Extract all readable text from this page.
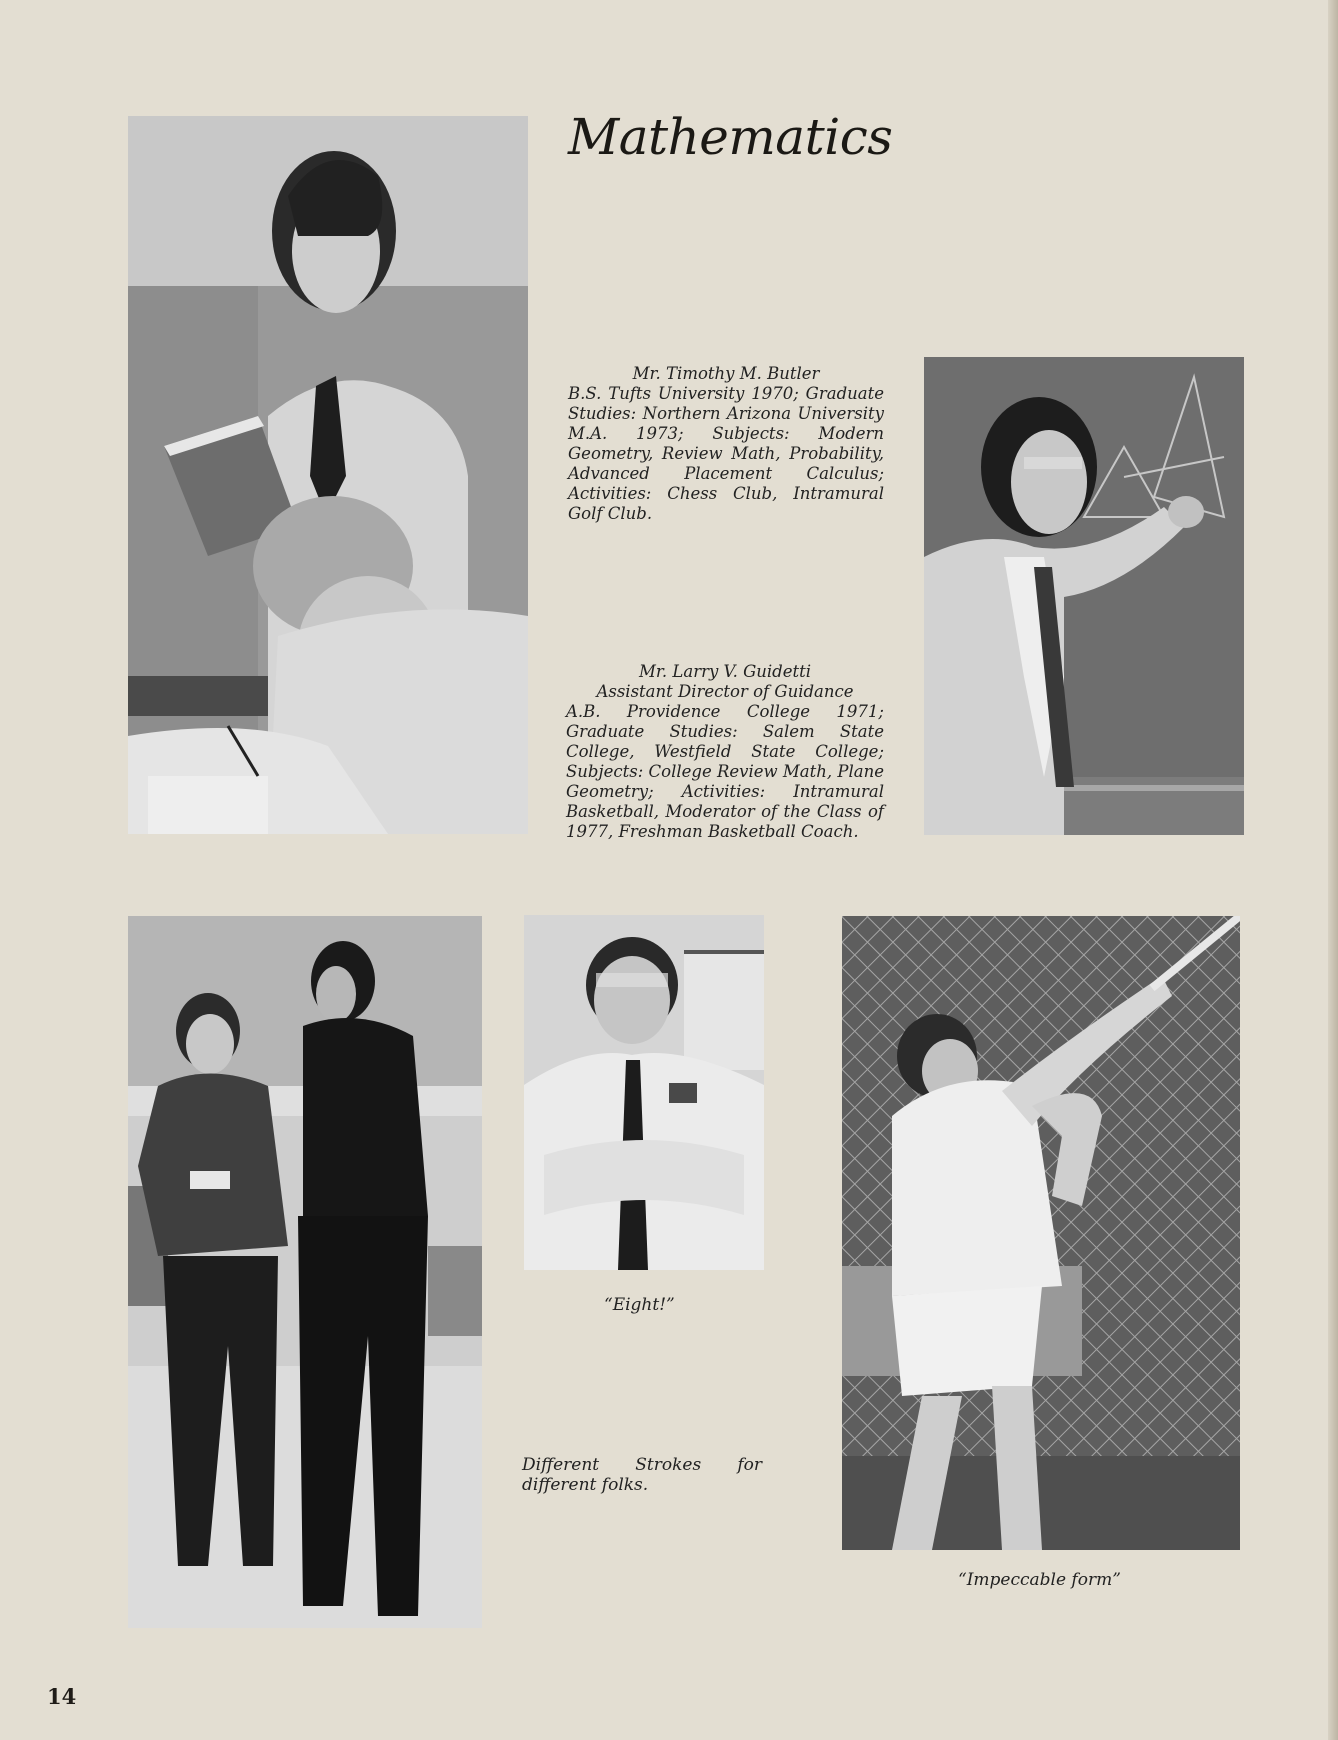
Mathematics
Mr. Timothy M. Butler
B.S. Tufts University 1970; Graduate Studies: Northern Arizona University M.A. 1973; Subjects: Modern Geometry, Review Math, Probability, Advanced Placement Calculus; Activities: Chess Club, Intramural Golf Club.
Mr. Larry V. Guidetti
Assistant Director of Guidance
A.B. Providence College 1971; Graduate Studies: Salem State College, Westfield State College; Subjects: College Review Math, Plane Geometry; Activities: Intramural Basketball, Moderator of the Class of 1977, Freshman Basketball Coach.
“Eight!”
Different Strokes for different folks.
“Impeccable form”
14
